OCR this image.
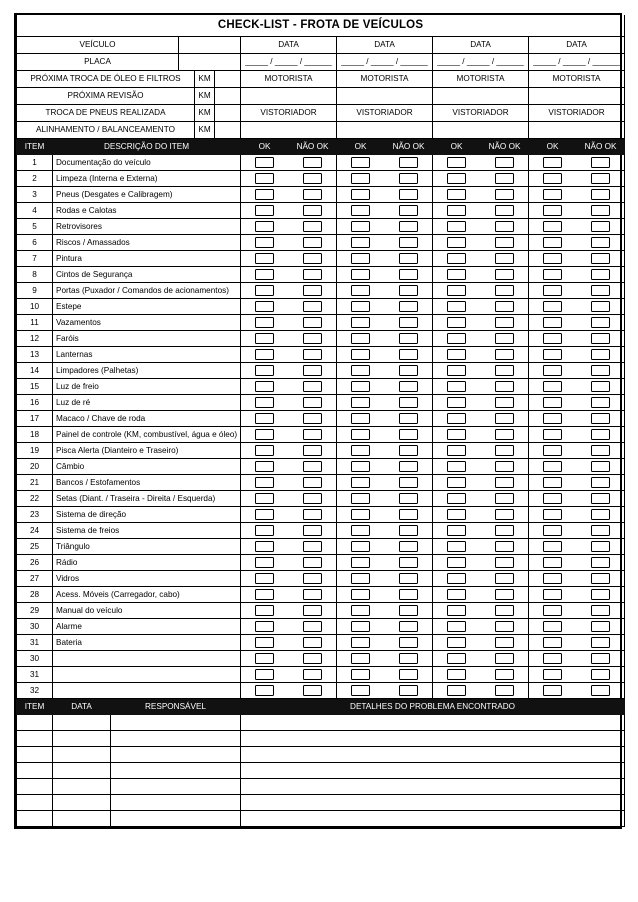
CHECK-LIST - FROTA DE VEÍCULOS													
VEÍCULO						DATA		DATA		DATA		DATA	
PLACA						_____ / _____ / ______		_____ / _____ / ______		_____ / _____ / ______		_____ / _____ / ______	
PRÓXIMA TROCA DE ÓLEO E FILTROS				KM		MOTORISTA		MOTORISTA		MOTORISTA		MOTORISTA	
PRÓXIMA REVISÃO				KM									
TROCA DE PNEUS REALIZADA				KM		VISTORIADOR		VISTORIADOR		VISTORIADOR		VISTORIADOR	
ALINHAMENTO / BALANCEAMENTO				KM									
ITEM	DESCRIÇÃO DO ITEM					OK	NÃO OK	OK	NÃO OK	OK	NÃO OK	OK	NÃO OK
1	Documentação do veículo												
2	Limpeza (Interna e Externa)												
3	Pneus (Desgates e Calibragem)												
4	Rodas e Calotas												
5	Retrovisores												
6	Riscos / Amassados												
7	Pintura												
8	Cintos de Segurança												
9	Portas (Puxador / Comandos de acionamentos)												
10	Estepe												
11	Vazamentos												
12	Faróis												
13	Lanternas												
14	Limpadores (Palhetas)												
15	Luz de freio												
16	Luz de ré												
17	Macaco / Chave de roda												
18	Painel de controle (KM, combustível, água e óleo)												
19	Pisca Alerta (Dianteiro e Traseiro)												
20	Câmbio												
21	Bancos / Estofamentos												
22	Setas (Diant. / Traseira - Direita / Esquerda)												
23	Sistema de direção												
24	Sistema de freios												
25	Triângulo												
26	Rádio												
27	Vidros												
28	Acess. Móveis (Carregador, cabo)												
29	Manual do veículo												
30	Alarme												
31	Bateria												
30													
31													
32													
ITEM	DATA	RESPONSÁVEL				DETALHES DO PROBLEMA ENCONTRADO							
